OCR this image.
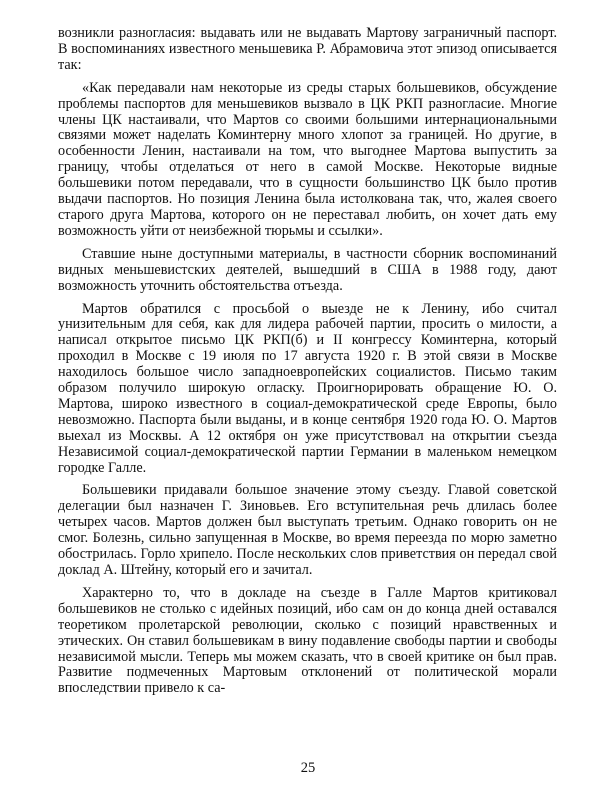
возникли разногласия: выдавать или не выдавать Мартову заграничный паспорт. В воспоминаниях известного меньшевика Р. Абрамовича этот эпизод описывается так:

«Как передавали нам некоторые из среды старых большевиков, обсуждение проблемы паспортов для меньшевиков вызвало в ЦК РКП разногласие. Многие члены ЦК настаивали, что Мартов со своими большими интернациональными связями может наделать Коминтерну много хлопот за границей. Но другие, в особенности Ленин, настаивали на том, что выгоднее Мартова выпустить за границу, чтобы отделаться от него в самой Москве. Некоторые видные большевики потом передавали, что в сущности большинство ЦК было против выдачи паспортов. Но позиция Ленина была истолкована так, что, жалея своего старого друга Мартова, которого он не переставал любить, он хочет дать ему возможность уйти от неизбежной тюрьмы и ссылки».

Ставшие ныне доступными материалы, в частности сборник воспоминаний видных меньшевистских деятелей, вышедший в США в 1988 году, дают возможность уточнить обстоятельства отъезда.

Мартов обратился с просьбой о выезде не к Ленину, ибо считал унизительным для себя, как для лидера рабочей партии, просить о милости, а написал открытое письмо ЦК РКП(б) и II конгрессу Коминтерна, который проходил в Москве с 19 июля по 17 августа 1920 г. В этой связи в Москве находилось большое число западноевропейских социалистов. Письмо таким образом получило широкую огласку. Проигнорировать обращение Ю. О. Мартова, широко известного в социал-демократической среде Европы, было невозможно. Паспорта были выданы, и в конце сентября 1920 года Ю. О. Мартов выехал из Москвы. А 12 октября он уже присутствовал на открытии съезда Независимой социал-демократической партии Германии в маленьком немецком городке Галле.

Большевики придавали большое значение этому съезду. Главой советской делегации был назначен Г. Зиновьев. Его вступительная речь длилась более четырех часов. Мартов должен был выступать третьим. Однако говорить он не смог. Болезнь, сильно запущенная в Москве, во время переезда по морю заметно обострилась. Горло хрипело. После нескольких слов приветствия он передал свой доклад А. Штейну, который его и зачитал.

Характерно то, что в докладе на съезде в Галле Мартов критиковал большевиков не столько с идейных позиций, ибо сам он до конца дней оставался теоретиком пролетарской революции, сколько с позиций нравственных и этических. Он ставил большевикам в вину подавление свободы партии и свободы независимой мысли. Теперь мы можем сказать, что в своей критике он был прав. Развитие подмеченных Мартовым отклонений от политической морали впоследствии привело к са-

25
